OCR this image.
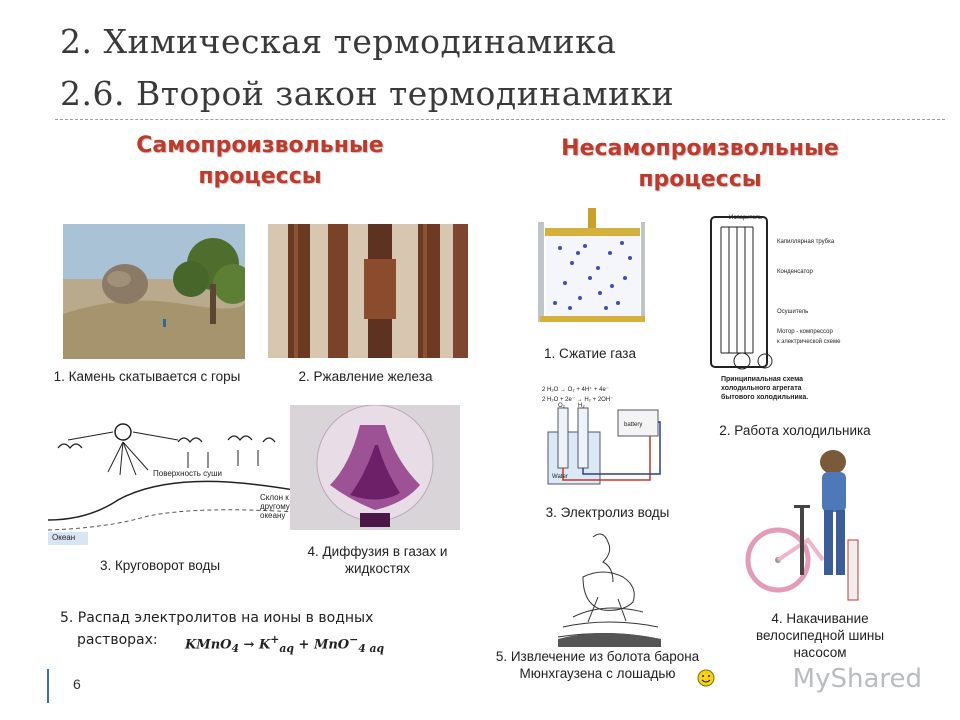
2. Химическая термодинамика
2.6. Второй закон термодинамики
Самопроизвольные
процессы
Несамопроизвольные
процессы
1. Камень скатывается с горы	2. Ржавление железа
Поверхность суши
Склон к
другому
океану
Океан
3. Круговорот воды
4. Диффузия в газах и жидкостях
5. Распад электролитов на ионы в водных
растворах: KMnO$_4$ → $K^+_{aq} + MnO^-_{4 aq}$
1. Сжатие газа
Испаритель
Капиллярная трубка
Конденсатор
Осушитель
Мотор - компрессор
к электрической схеме
Принципиальная схема
холодильного агрегата
бытового холодильника.
2. Работа холодильника
2 H₂O → O₂ + 4H⁺ + 4e⁻
2 H₂O + 2e⁻ → H₂ + 2OH⁻
O₂ H₂
battery
Water
3. Электролиз воды
4. Накачивание велосипедной шины насосом
5. Извлечение из болота барона Мюнхгаузена с лошадью
6	MyShared
